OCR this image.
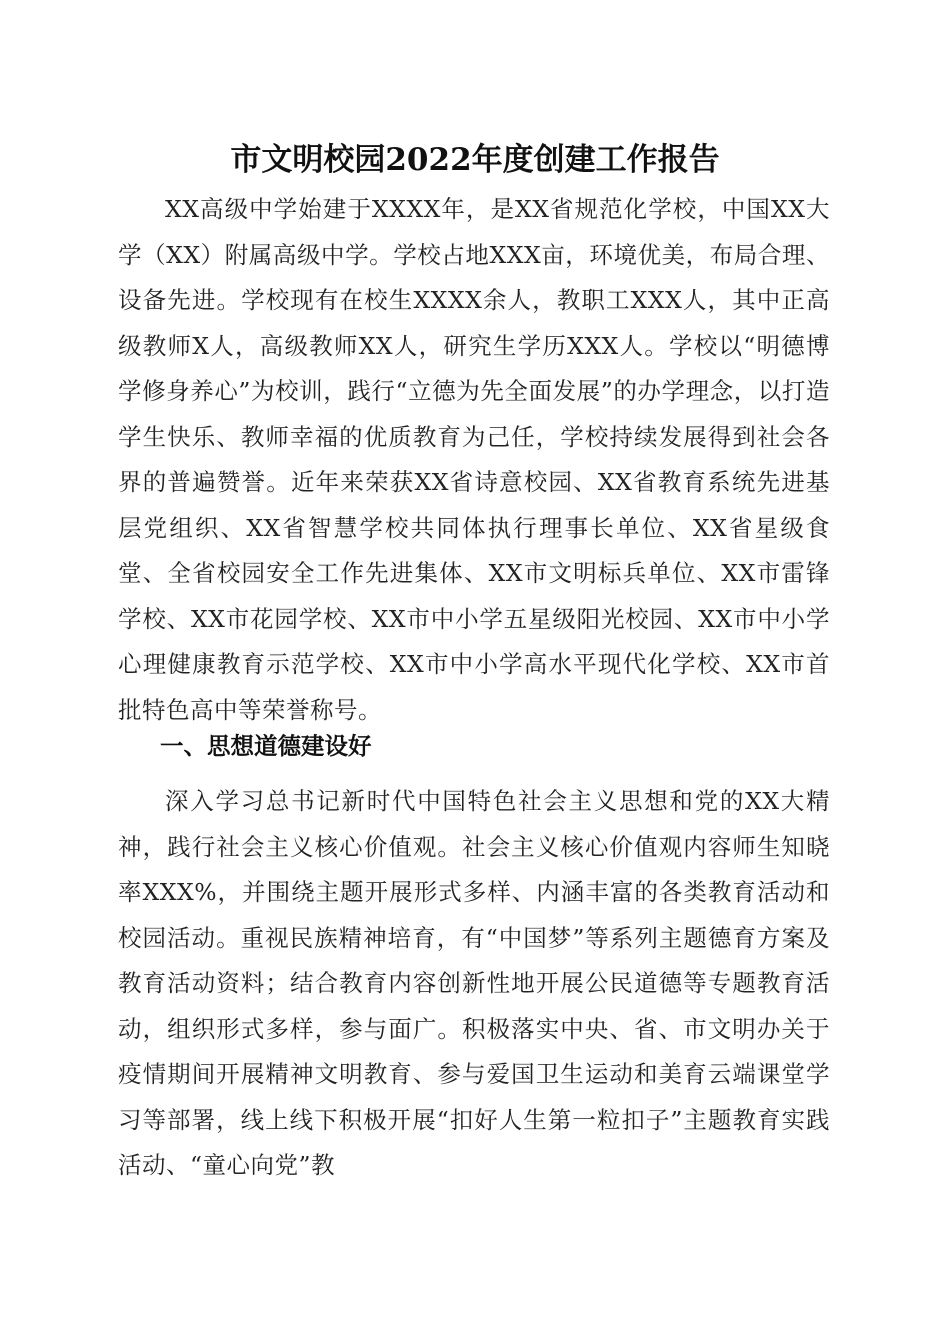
市文明校园2022年度创建工作报告

XX高级中学始建于XXXX年，是XX省规范化学校，中国XX大学（XX）附属高级中学。学校占地XXX亩，环境优美，布局合理、设备先进。学校现有在校生XXXX余人，教职工XXX人，其中正高级教师X人，高级教师XX人，研究生学历XXX人。学校以“明德博学修身养心”为校训，践行“立德为先全面发展”的办学理念，以打造学生快乐、教师幸福的优质教育为己任，学校持续发展得到社会各界的普遍赞誉。近年来荣获XX省诗意校园、XX省教育系统先进基层党组织、XX省智慧学校共同体执行理事长单位、XX省星级食堂、全省校园安全工作先进集体、XX市文明标兵单位、XX市雷锋学校、XX市花园学校、XX市中小学五星级阳光校园、XX市中小学心理健康教育示范学校、XX市中小学高水平现代化学校、XX市首批特色高中等荣誉称号。

一、思想道德建设好

深入学习总书记新时代中国特色社会主义思想和党的XX大精神，践行社会主义核心价值观。社会主义核心价值观内容师生知晓率XXX%，并围绕主题开展形式多样、内涵丰富的各类教育活动和校园活动。重视民族精神培育，有“中国梦”等系列主题德育方案及教育活动资料；结合教育内容创新性地开展公民道德等专题教育活动，组织形式多样，参与面广。积极落实中央、省、市文明办关于疫情期间开展精神文明教育、参与爱国卫生运动和美育云端课堂学习等部署，线上线下积极开展“扣好人生第一粒扣子”主题教育实践活动、“童心向党”教
